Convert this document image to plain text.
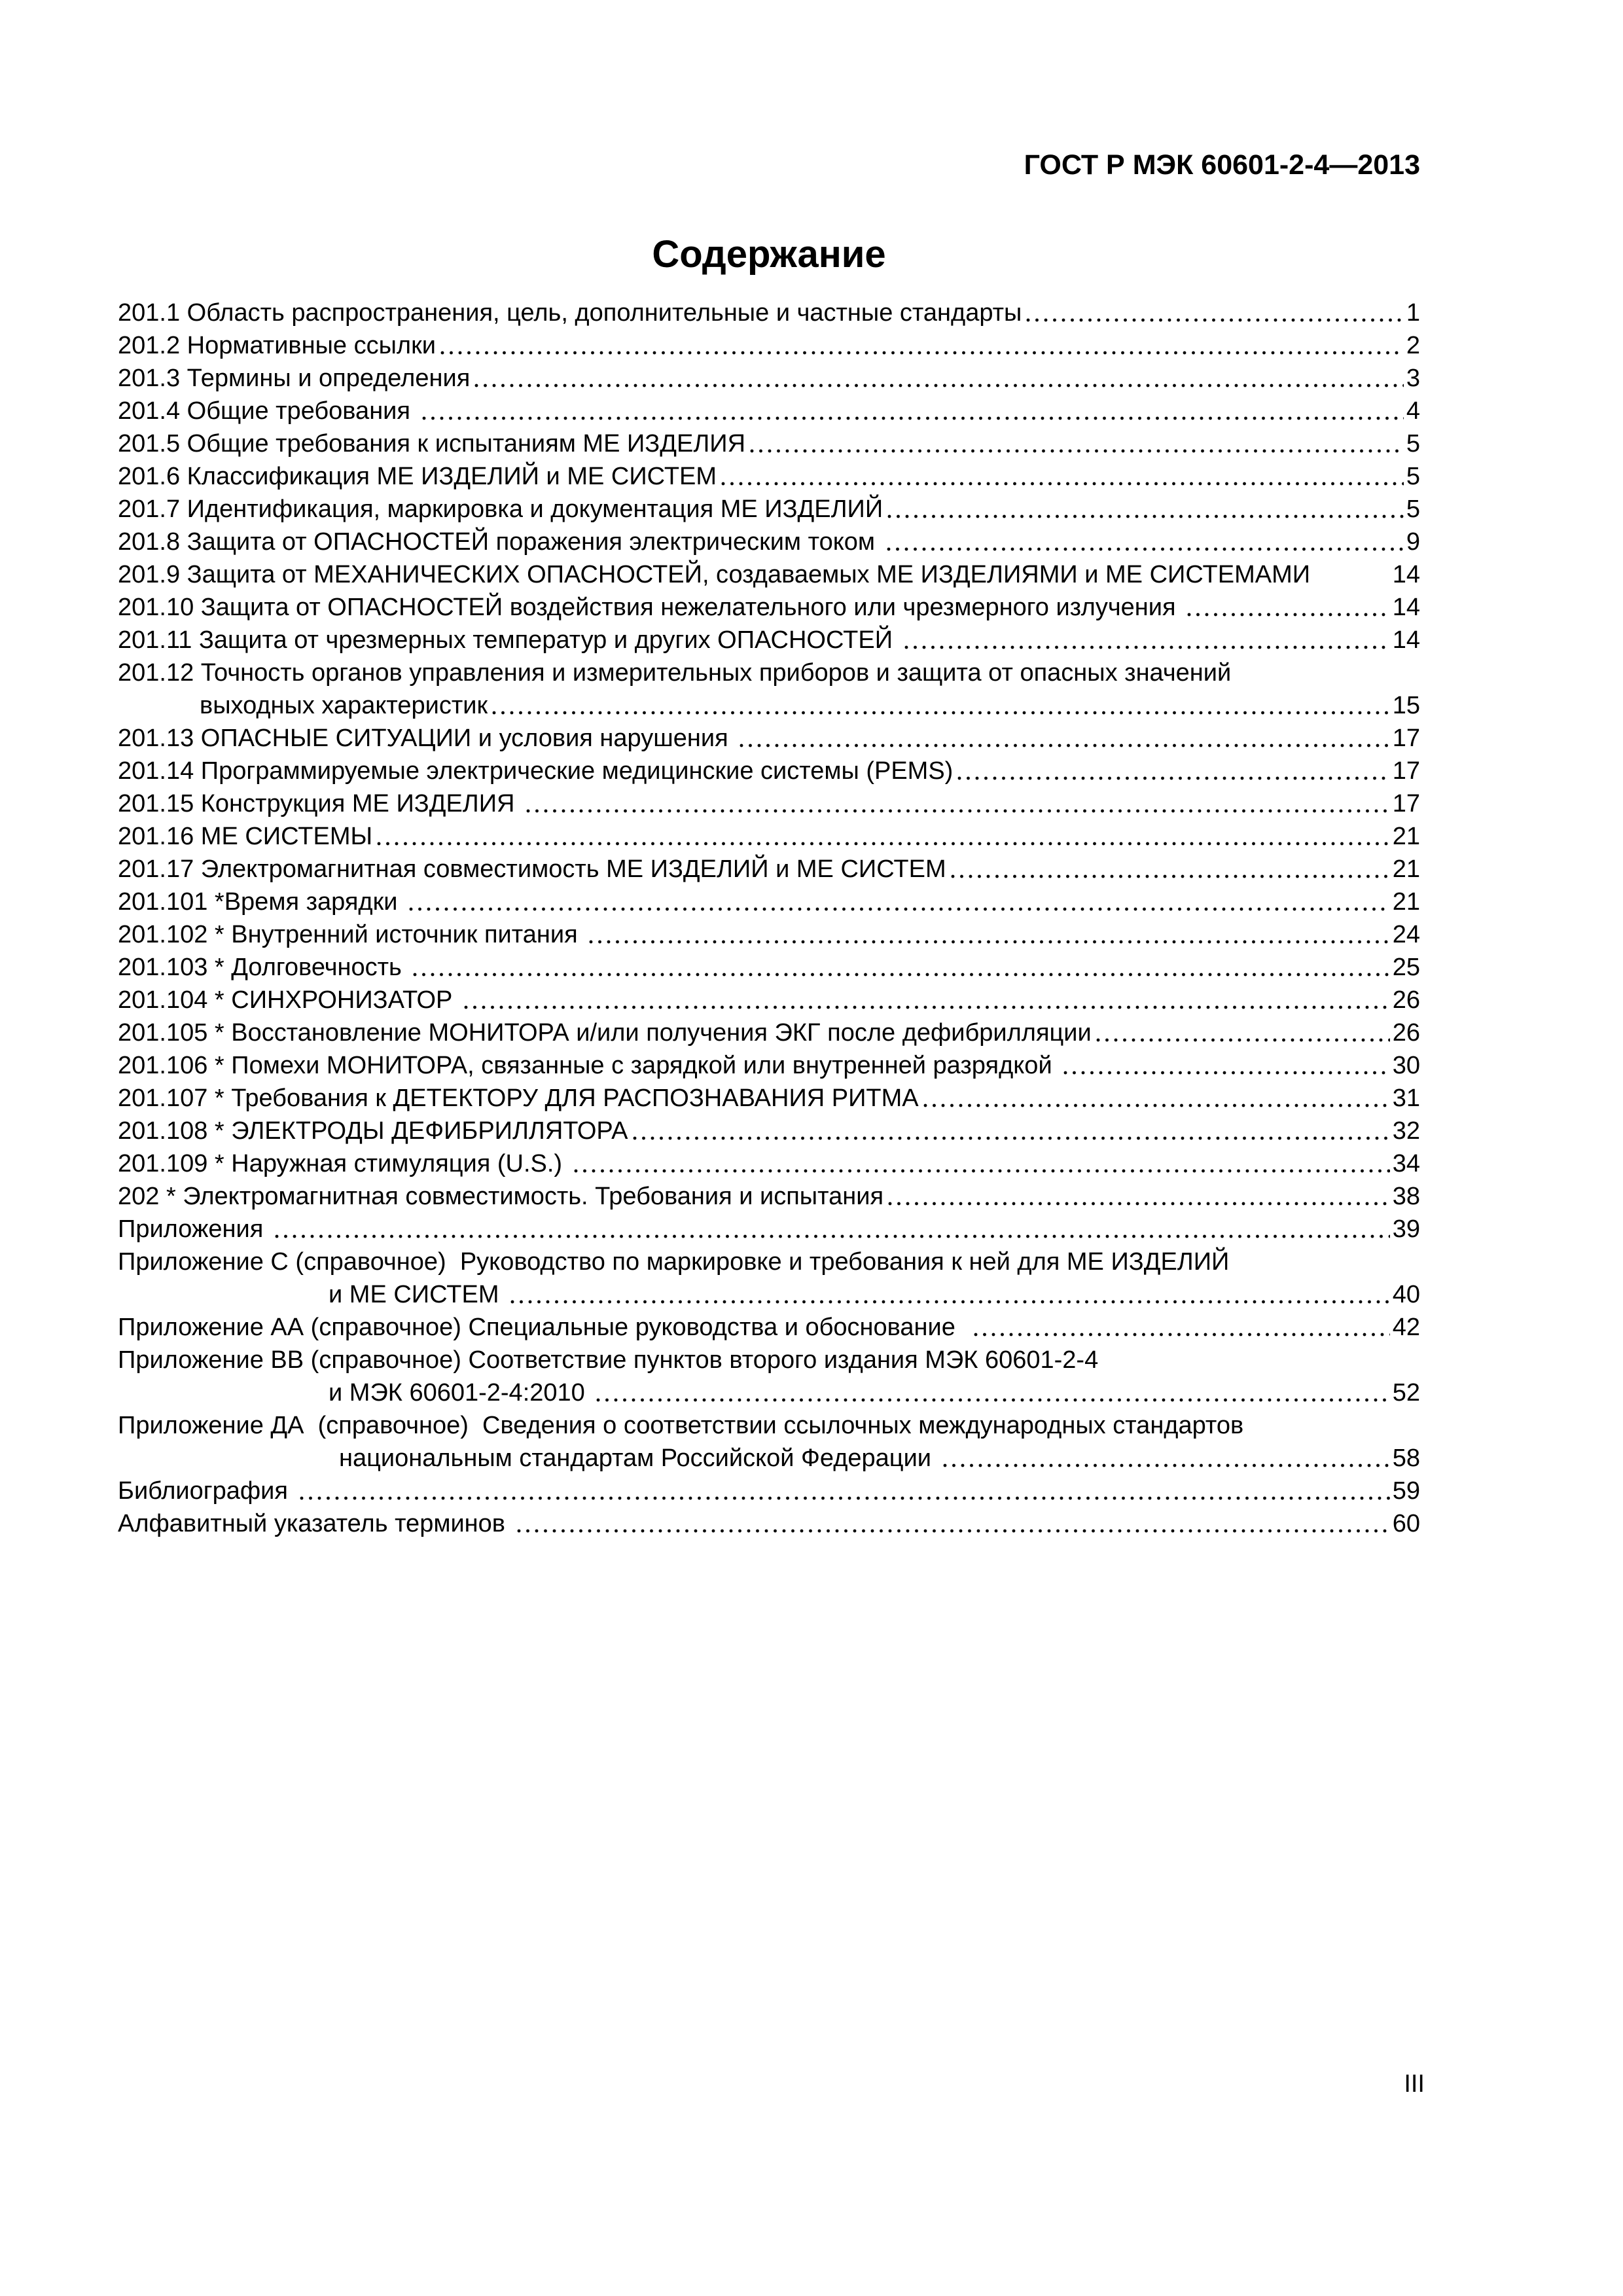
ГОСТ Р МЭК 60601-2-4—2013
Содержание
201.1 Область распространения, цель, дополнительные и частные стандарты	1
201.2 Нормативные ссылки	2
201.3 Термины и определения	3
201.4 Общие требования	4
201.5 Общие требования к испытаниям МЕ ИЗДЕЛИЯ	5
201.6 Классификация МЕ ИЗДЕЛИЙ и МЕ СИСТЕМ	5
201.7 Идентификация, маркировка и документация МЕ ИЗДЕЛИЙ	5
201.8 Защита от ОПАСНОСТЕЙ поражения электрическим током	9
201.9 Защита от МЕХАНИЧЕСКИХ ОПАСНОСТЕЙ, создаваемых МЕ ИЗДЕЛИЯМИ и МЕ СИСТЕМАМИ	14
201.10 Защита от ОПАСНОСТЕЙ воздействия нежелательного или чрезмерного излучения	14
201.11 Защита от чрезмерных температур и других ОПАСНОСТЕЙ	14
201.12 Точность органов управления и измерительных приборов и защита от опасных значений
выходных характеристик	15
201.13 ОПАСНЫЕ СИТУАЦИИ и условия нарушения	17
201.14 Программируемые электрические медицинские системы (PEMS)	17
201.15 Конструкция МЕ ИЗДЕЛИЯ	17
201.16 МЕ СИСТЕМЫ	21
201.17 Электромагнитная совместимость МЕ ИЗДЕЛИЙ и МЕ СИСТЕМ	21
201.101 *Время зарядки	21
201.102 * Внутренний источник питания	24
201.103 * Долговечность	25
201.104 * СИНХРОНИЗАТОР	26
201.105 * Восстановление МОНИТОРА и/или получения ЭКГ после дефибрилляции	26
201.106 * Помехи МОНИТОРА, связанные с зарядкой или внутренней разрядкой	30
201.107 * Требования к ДЕТЕКТОРУ ДЛЯ РАСПОЗНАВАНИЯ РИТМА	31
201.108 * ЭЛЕКТРОДЫ ДЕФИБРИЛЛЯТОРА	32
201.109 * Наружная стимуляция (U.S.)	34
202 * Электромагнитная совместимость. Требования и испытания	38
Приложения	39
Приложение С (справочное)  Руководство по маркировке и требования к ней для МЕ ИЗДЕЛИЙ
и МЕ СИСТЕМ	40
Приложение АА (справочное) Специальные руководства и обоснование	42
Приложение ВВ (справочное) Соответствие пунктов второго издания МЭК 60601-2-4
и МЭК 60601-2-4:2010	52
Приложение ДА  (справочное)  Сведения о соответствии ссылочных международных стандартов
национальным стандартам Российской Федерации	58
Библиография	59
Алфавитный указатель терминов	60
III
